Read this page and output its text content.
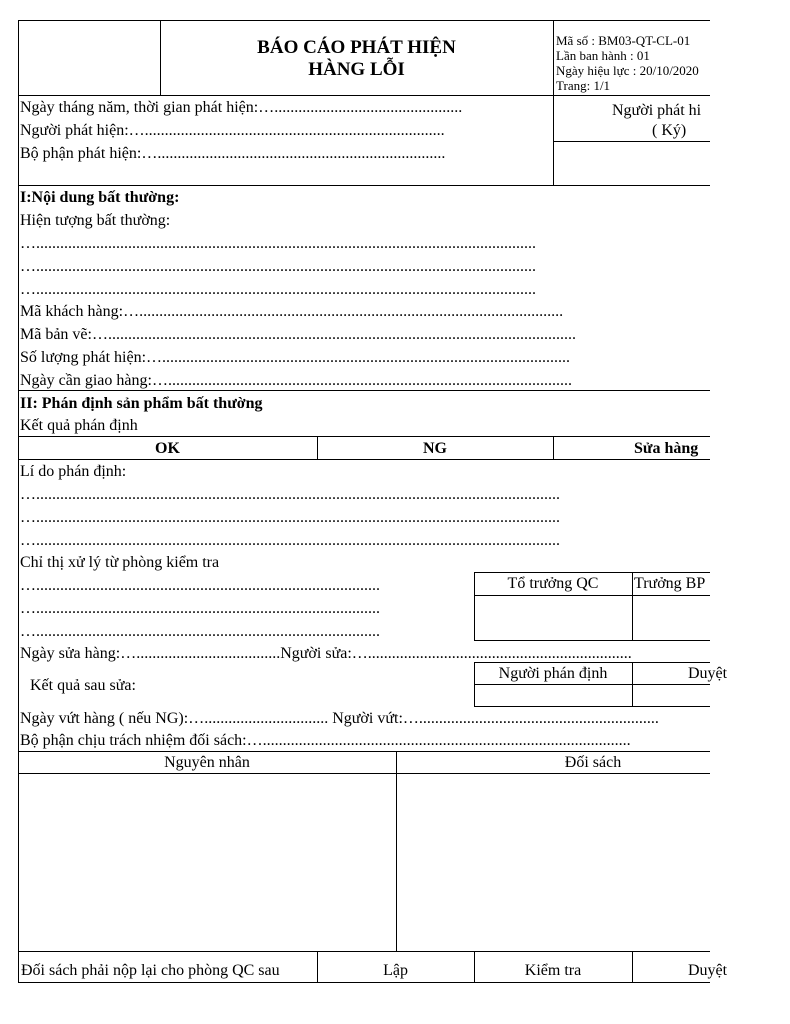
BÁO CÁO PHÁT HIỆN
HÀNG LỖI
Mã số : BM03-QT-CL-01
Lần ban hành : 01
Ngày hiệu lực : 20/10/2020
Trang: 1/1
Ngày tháng năm, thời gian phát hiện:…...............................................
Người phát hiện:…...........................................................................
Bộ phận phát hiện:…........................................................................
Người phát hi
( Ký)
I:Nội dung bất thường:
Hiện tượng bất thường:
….............................................................................................................................
….............................................................................................................................
….............................................................................................................................
Mã khách hàng:…..........................................................................................................
Mã bản vẽ:….....................................................................................................................
Số lượng phát hiện:…......................................................................................................
Ngày cần giao hàng:….....................................................................................................
II: Phán định sản phẩm bất thường
Kết quả phán định
OK	NG	Sửa hàng
Lí do phán định:
…...................................................................................................................................
…...................................................................................................................................
…...................................................................................................................................
Chỉ thị xử lý từ phòng kiểm tra
…......................................................................................
…......................................................................................
…......................................................................................
Tổ trưởng QC	Trưởng BP
Ngày sửa hàng:…....................................Người sửa:…..................................................................
Kết quả sau sửa:
Người phán định	Duyệt
Ngày vứt hàng ( nếu NG):…............................... Người vứt:…............................................................
Bộ phận chịu trách nhiệm đối sách:…............................................................................................
Nguyên nhân	Đối sách
Đối sách phải nộp lại cho phòng QC sau	Lập	Kiểm tra	Duyệt
